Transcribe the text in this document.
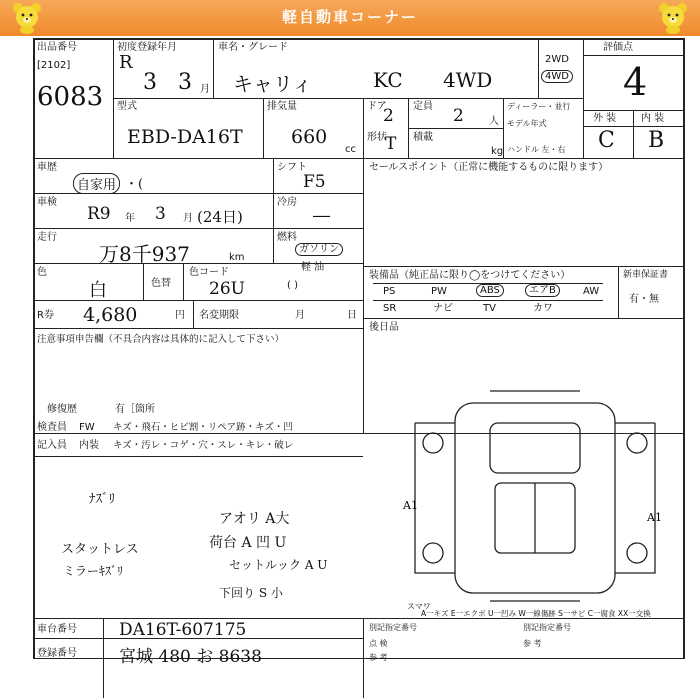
軽自動車コーナー
出品番号
[2102]
6083
初度登録年月
R
3 3 月
車名・グレード
キャリィ	KC 4WD
2WD
4WD
評価点
4
型式
EBD-DA16T
排気量
660
cc
ドア
2 定員 2	人
形状
T 積載
kg
ディーラー・並行
モデル年式
ハンドル 左・右
外 装 内 装
C B
車歴
自家用 ・(
シフト
F5
車検
R9 年 3 月 (24日)
冷房
―
走行
万8千937	km
燃料
ガソリン
軽 油
( )
色
白	色替
色コード
26U
R券 4,680	円 名変期限	月	日
セールスポイント（正常に機能するものに限ります）
装備品（純正品に限り◯をつけてください）
PS	PW	ABS	エアB	AW
SR	ナビ	TV	カワ
新車保証書
有・無
後日品
注意事項申告欄（不具合内容は具体的に記入して下さい）
修復歴	有［箇所
検査員 FW キズ・飛石・ヒビ割・リペア跡・キズ・凹
記入員 内装 キズ・汚レ・コゲ・穴・スレ・キレ・破レ
ﾅｽﾞﾘ
アオリ A大
スタットレス	荷台 A 凹 U
ミラーｷｽﾞﾘ	セットルック A U
下回り S 小
A1
A1
スマワ
A一キズ E一エクボ U一凹み W一線傷跡 S一サビ C一腐食 XX一交換
車台番号 DA16T-607175
登録番号 宮城 480 お 8638
別記指定番号
点 検
参 考
別記指定番号
参 考
